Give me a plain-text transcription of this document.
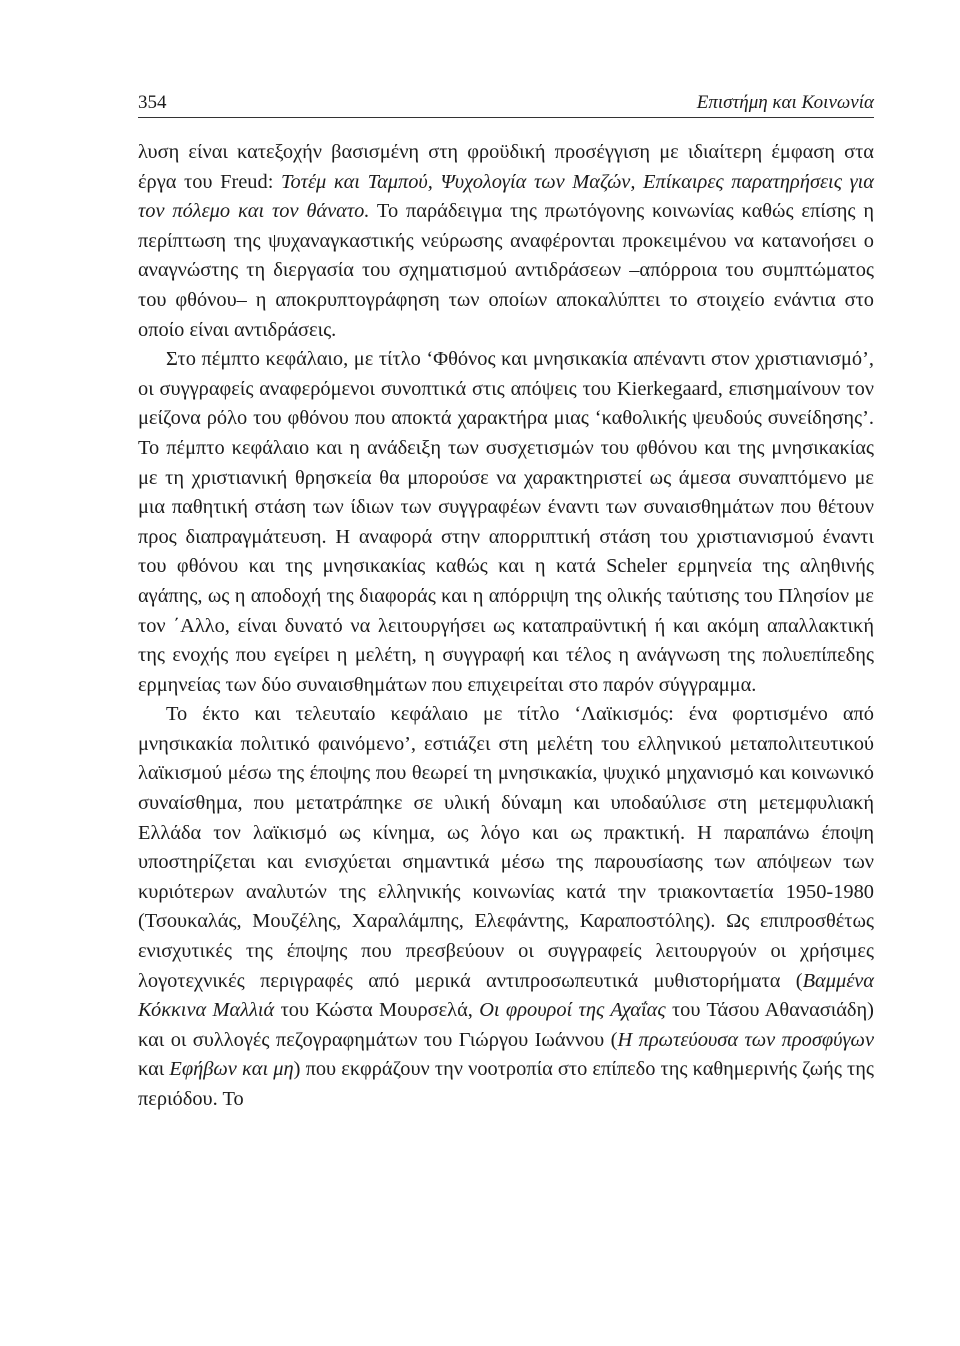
354	Επιστήμη και Κοινωνία

λυση είναι κατεξοχήν βασισμένη στη φροϋδική προσέγγιση με ιδιαίτερη έμφαση στα έργα του Freud: Τοτέμ και Ταμπού, Ψυχολογία των Μαζών, Επίκαιρες παρατηρήσεις για τον πόλεμο και τον θάνατο. Το παράδειγμα της πρωτόγονης κοινωνίας καθώς επίσης η περίπτωση της ψυχαναγκαστικής νεύρωσης αναφέρονται προκειμένου να κατανοήσει ο αναγνώστης τη διεργασία του σχηματισμού αντιδράσεων –απόρροια του συμπτώματος του φθόνου– η αποκρυπτογράφηση των οποίων αποκαλύπτει το στοιχείο ενάντια στο οποίο είναι αντιδράσεις.

Στο πέμπτο κεφάλαιο, με τίτλο ‘Φθόνος και μνησικακία απέναντι στον χριστιανισμό’, οι συγγραφείς αναφερόμενοι συνοπτικά στις απόψεις του Kierkegaard, επισημαίνουν τον μείζονα ρόλο του φθόνου που αποκτά χαρακτήρα μιας ‘καθολικής ψευδούς συνείδησης’. Το πέμπτο κεφάλαιο και η ανάδειξη των συσχετισμών του φθόνου και της μνησικακίας με τη χριστιανική θρησκεία θα μπορούσε να χαρακτηριστεί ως άμεσα συναπτόμενο με μια παθητική στάση των ίδιων των συγγραφέων έναντι των συναισθημάτων που θέτουν προς διαπραγμάτευση. Η αναφορά στην απορριπτική στάση του χριστιανισμού έναντι του φθόνου και της μνησικακίας καθώς και η κατά Scheler ερμηνεία της αληθινής αγάπης, ως η αποδοχή της διαφοράς και η απόρριψη της ολικής ταύτισης του Πλησίον με τον ΄Αλλο, είναι δυνατό να λειτουργήσει ως καταπραϋντική ή και ακόμη απαλλακτική της ενοχής που εγείρει η μελέτη, η συγγραφή και τέλος η ανάγνωση της πολυεπίπεδης ερμηνείας των δύο συναισθημάτων που επιχειρείται στο παρόν σύγγραμμα.

Το έκτο και τελευταίο κεφάλαιο με τίτλο ‘Λαϊκισμός: ένα φορτισμένο από μνησικακία πολιτικό φαινόμενο’, εστιάζει στη μελέτη του ελληνικού μεταπολιτευτικού λαϊκισμού μέσω της έποψης που θεωρεί τη μνησικακία, ψυχικό μηχανισμό και κοινωνικό συναίσθημα, που μετατράπηκε σε υλική δύναμη και υποδαύλισε στη μετεμφυλιακή Ελλάδα τον λαϊκισμό ως κίνημα, ως λόγο και ως πρακτική. Η παραπάνω έποψη υποστηρίζεται και ενισχύεται σημαντικά μέσω της παρουσίασης των απόψεων των κυριότερων αναλυτών της ελληνικής κοινωνίας κατά την τριακονταετία 1950-1980 (Τσουκαλάς, Μουζέλης, Χαραλάμπης, Ελεφάντης, Καραποστόλης). Ως επιπροσθέτως ενισχυτικές της έποψης που πρεσβεύουν οι συγγραφείς λειτουργούν οι χρήσιμες λογοτεχνικές περιγραφές από μερικά αντιπροσωπευτικά μυθιστορήματα (Βαμμένα Κόκκινα Μαλλιά του Κώστα Μουρσελά, Οι φρουροί της Αχαΐας του Τάσου Αθανασιάδη) και οι συλλογές πεζογραφημάτων του Γιώργου Ιωάννου (Η πρωτεύουσα των προσφύγων και Εφήβων και μη) που εκφράζουν την νοοτροπία στο επίπεδο της καθημερινής ζωής της περιόδου. Το
